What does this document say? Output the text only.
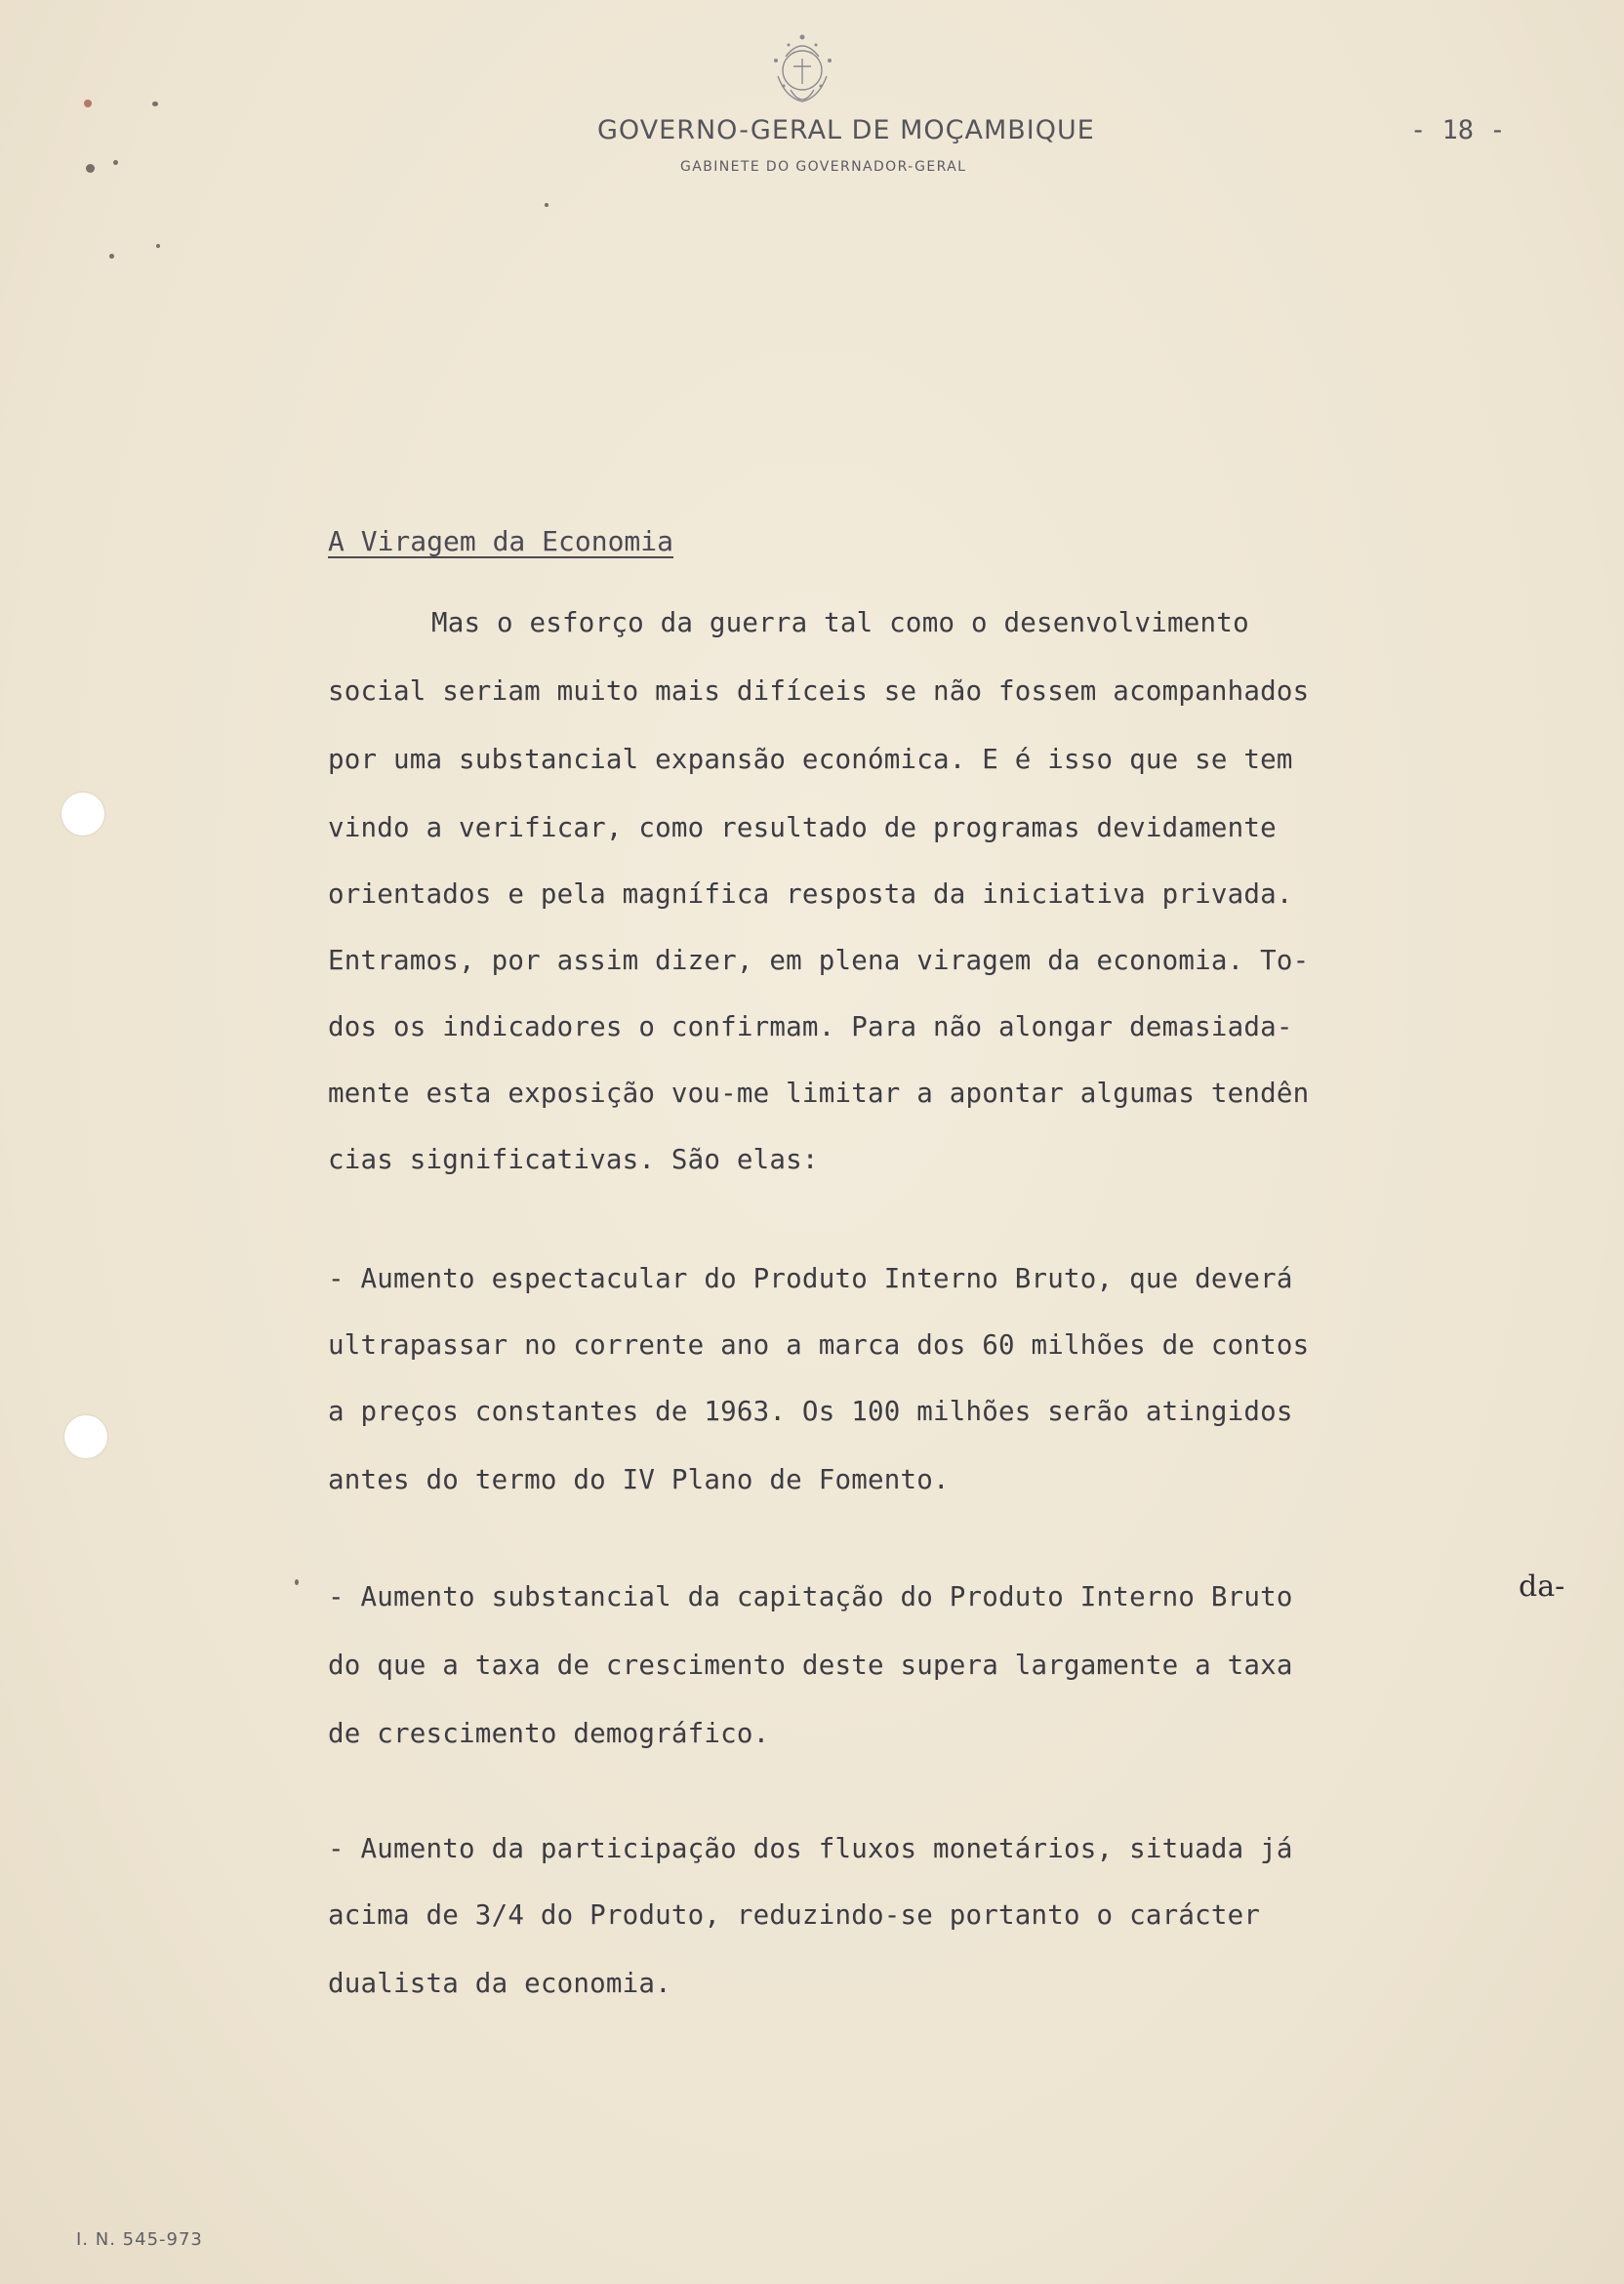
GOVERNO-GERAL DE MOÇAMBIQUE
GABINETE DO GOVERNADOR-GERAL
- 18 -
A Viragem da Economia
Mas o esforço da guerra tal como o desenvolvimento
social seriam muito mais difíceis se não fossem acompanhados
por uma substancial expansão económica. E é isso que se tem
vindo a verificar, como resultado de programas devidamente
orientados e pela magnífica resposta da iniciativa privada.
Entramos, por assim dizer, em plena viragem da economia. To-
dos os indicadores o confirmam. Para não alongar demasiada-
mente esta exposição vou-me limitar a apontar algumas tendên
cias significativas. São elas:
- Aumento espectacular do Produto Interno Bruto, que deverá
ultrapassar no corrente ano a marca dos 60 milhões de contos
a preços constantes de 1963. Os 100 milhões serão atingidos
antes do termo do IV Plano de Fomento.
- Aumento substancial da capitação do Produto Interno Bruto	da-
do que a taxa de crescimento deste supera largamente a taxa
de crescimento demográfico.
- Aumento da participação dos fluxos monetários, situada já
acima de 3/4 do Produto, reduzindo-se portanto o carácter
dualista da economia.
I. N. 545-973
